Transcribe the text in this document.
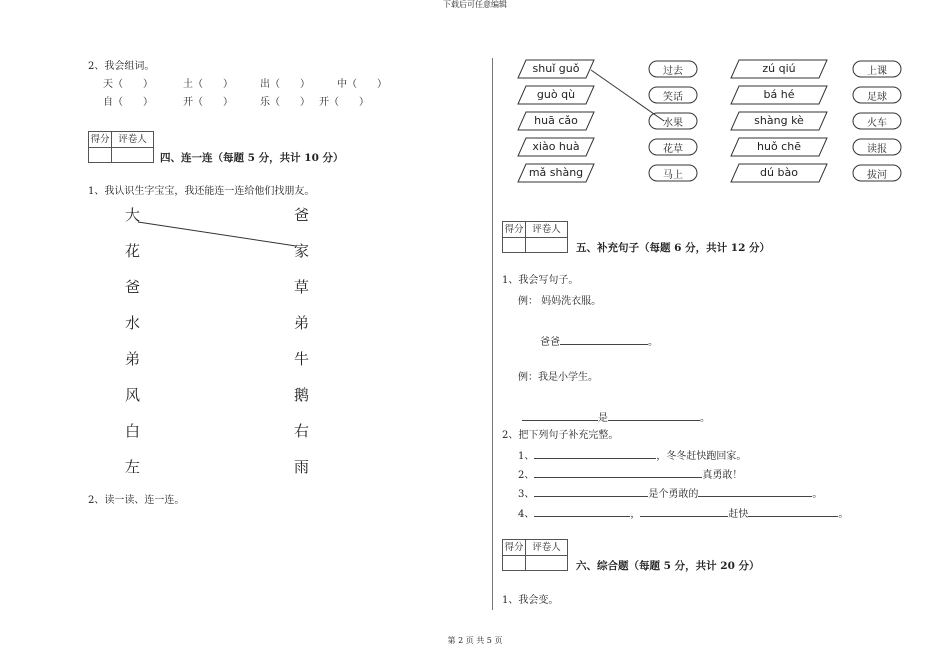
下载后可任意编辑
2、我会组词。
天（　　）	土（　　）	出（　　）	中（　　）
自（　　）	开（　　）	乐（　　） 开（　　）
得分 评卷人
四、连一连（每题 5 分，共计 10 分）
1、我认识生字宝宝，我还能连一连给他们找朋友。
大
花
爸
水
弟
风
白
左
爸
家
草
弟
牛
鹅
右
雨
2、读一读、连一连。
shuǐ guǒ	过去	zú qiú	上课
guò qù	笑话	bá hé	足球
huā cǎo	水果	shàng kè	火车
xiào huà	花草	huǒ chē	读报
mǎ shàng	马上	dú bào	拔河
得分 评卷人
五、补充句子（每题 6 分，共计 12 分）
1、我会写句子。
例： 妈妈洗衣服。
爸爸	。
例：我是小学生。
是	。
2、把下列句子补充完整。
1、	，冬冬赶快跑回家。
2、	真勇敢！
3、	是个勇敢的	。
4、	，	赶快	。
得分 评卷人
六、综合题（每题 5 分，共计 20 分）
1、我会变。
第 2 页 共 5 页
